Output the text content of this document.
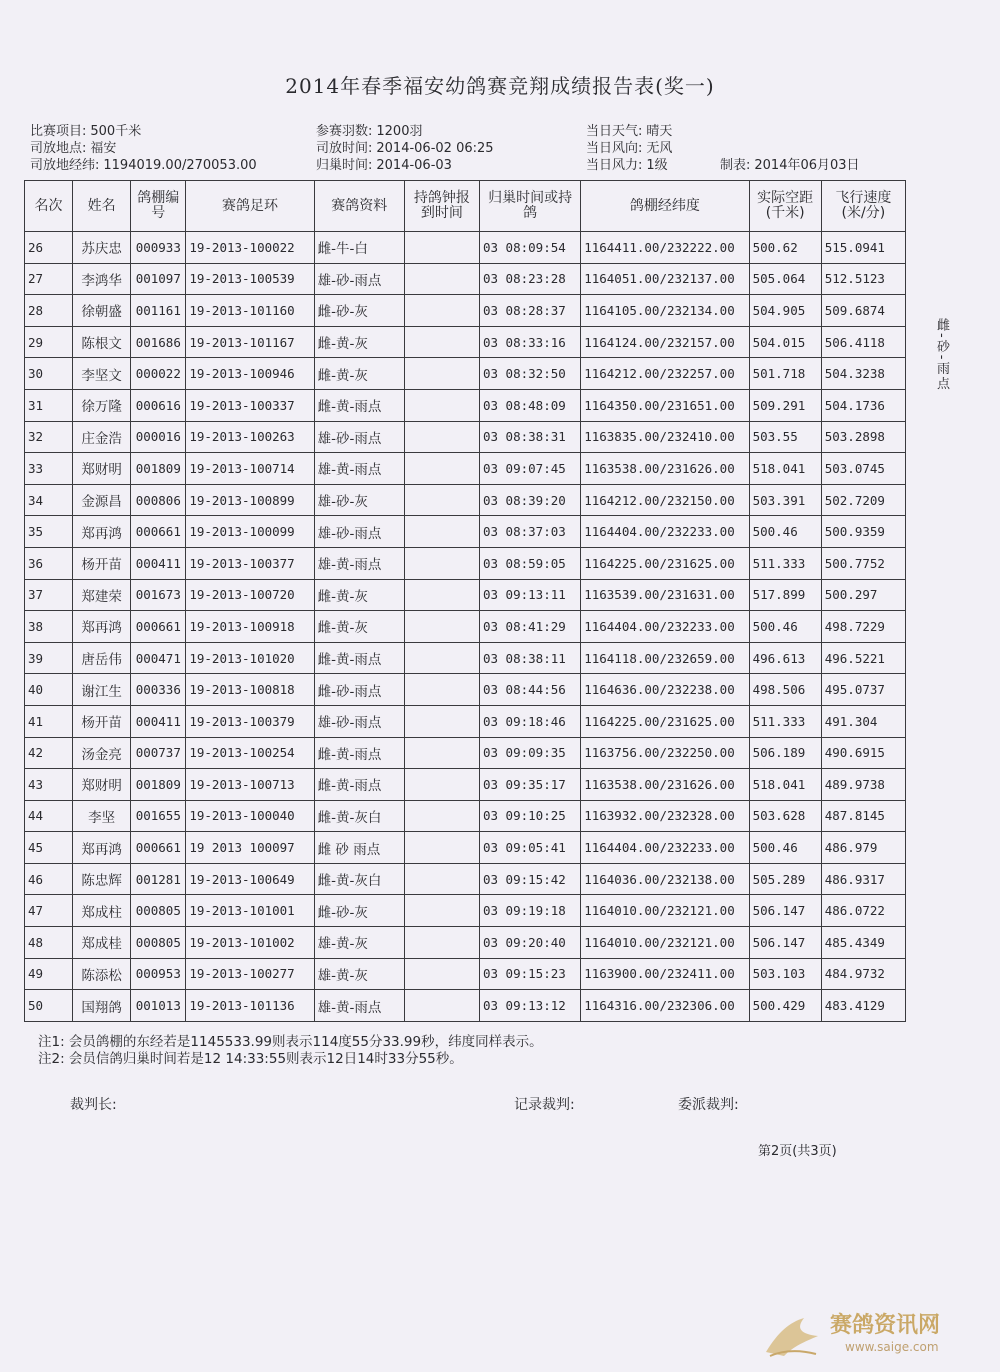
2014年春季福安幼鸽赛竞翔成绩报告表(奖一)
比赛项目: 500千米
司放地点: 福安
司放地经纬: 1194019.00/270053.00
参赛羽数: 1200羽
司放时间: 2014-06-02 06:25
归巢时间: 2014-06-03
当日天气: 晴天
当日风向: 无风
当日风力: 1级	制表: 2014年06月03日
名次	姓名	鸽棚编号	赛鸽足环	赛鸽资料	持鸽钟报到时间	归巢时间或持鸽	鸽棚经纬度	实际空距(千米)	飞行速度(米/分)
26	苏庆忠	000933	19-2013-100022	雌-牛-白		03 08:09:54	1164411.00/232222.00	500.62	515.0941
27	李鸿华	001097	19-2013-100539	雄-砂-雨点		03 08:23:28	1164051.00/232137.00	505.064	512.5123
28	徐朝盛	001161	19-2013-101160	雌-砂-灰		03 08:28:37	1164105.00/232134.00	504.905	509.6874
29	陈根文	001686	19-2013-101167	雌-黄-灰		03 08:33:16	1164124.00/232157.00	504.015	506.4118
30	李坚文	000022	19-2013-100946	雌-黄-灰		03 08:32:50	1164212.00/232257.00	501.718	504.3238
31	徐万隆	000616	19-2013-100337	雌-黄-雨点		03 08:48:09	1164350.00/231651.00	509.291	504.1736
32	庄金浩	000016	19-2013-100263	雄-砂-雨点		03 08:38:31	1163835.00/232410.00	503.55	503.2898
33	郑财明	001809	19-2013-100714	雄-黄-雨点		03 09:07:45	1163538.00/231626.00	518.041	503.0745
34	金源昌	000806	19-2013-100899	雄-砂-灰		03 08:39:20	1164212.00/232150.00	503.391	502.7209
35	郑再鸿	000661	19-2013-100099	雄-砂-雨点		03 08:37:03	1164404.00/232233.00	500.46	500.9359
36	杨开苗	000411	19-2013-100377	雄-黄-雨点		03 08:59:05	1164225.00/231625.00	511.333	500.7752
37	郑建荣	001673	19-2013-100720	雌-黄-灰		03 09:13:11	1163539.00/231631.00	517.899	500.297
38	郑再鸿	000661	19-2013-100918	雌-黄-灰		03 08:41:29	1164404.00/232233.00	500.46	498.7229
39	唐岳伟	000471	19-2013-101020	雌-黄-雨点		03 08:38:11	1164118.00/232659.00	496.613	496.5221
40	谢江生	000336	19-2013-100818	雌-砂-雨点		03 08:44:56	1164636.00/232238.00	498.506	495.0737
41	杨开苗	000411	19-2013-100379	雄-砂-雨点		03 09:18:46	1164225.00/231625.00	511.333	491.304
42	汤金亮	000737	19-2013-100254	雌-黄-雨点		03 09:09:35	1163756.00/232250.00	506.189	490.6915
43	郑财明	001809	19-2013-100713	雌-黄-雨点		03 09:35:17	1163538.00/231626.00	518.041	489.9738
44	李坚	001655	19-2013-100040	雌-黄-灰白		03 09:10:25	1163932.00/232328.00	503.628	487.8145
45	郑再鸿	000661	19 2013 100097	雌 砂 雨点		03 09:05:41	1164404.00/232233.00	500.46	486.979
46	陈忠辉	001281	19-2013-100649	雌-黄-灰白		03 09:15:42	1164036.00/232138.00	505.289	486.9317
47	郑成柱	000805	19-2013-101001	雌-砂-灰		03 09:19:18	1164010.00/232121.00	506.147	486.0722
48	郑成桂	000805	19-2013-101002	雄-黄-灰		03 09:20:40	1164010.00/232121.00	506.147	485.4349
49	陈添松	000953	19-2013-100277	雄-黄-灰		03 09:15:23	1163900.00/232411.00	503.103	484.9732
50	国翔鸽	001013	19-2013-101136	雄-黄-雨点		03 09:13:12	1164316.00/232306.00	500.429	483.4129
雌-砂-雨点
注1: 会员鸽棚的东经若是1145533.99则表示114度55分33.99秒，纬度同样表示。
注2: 会员信鸽归巢时间若是12 14:33:55则表示12日14时33分55秒。
裁判长:	记录裁判:	委派裁判:
第2页(共3页)
赛鸽资讯网
www.saige.com
